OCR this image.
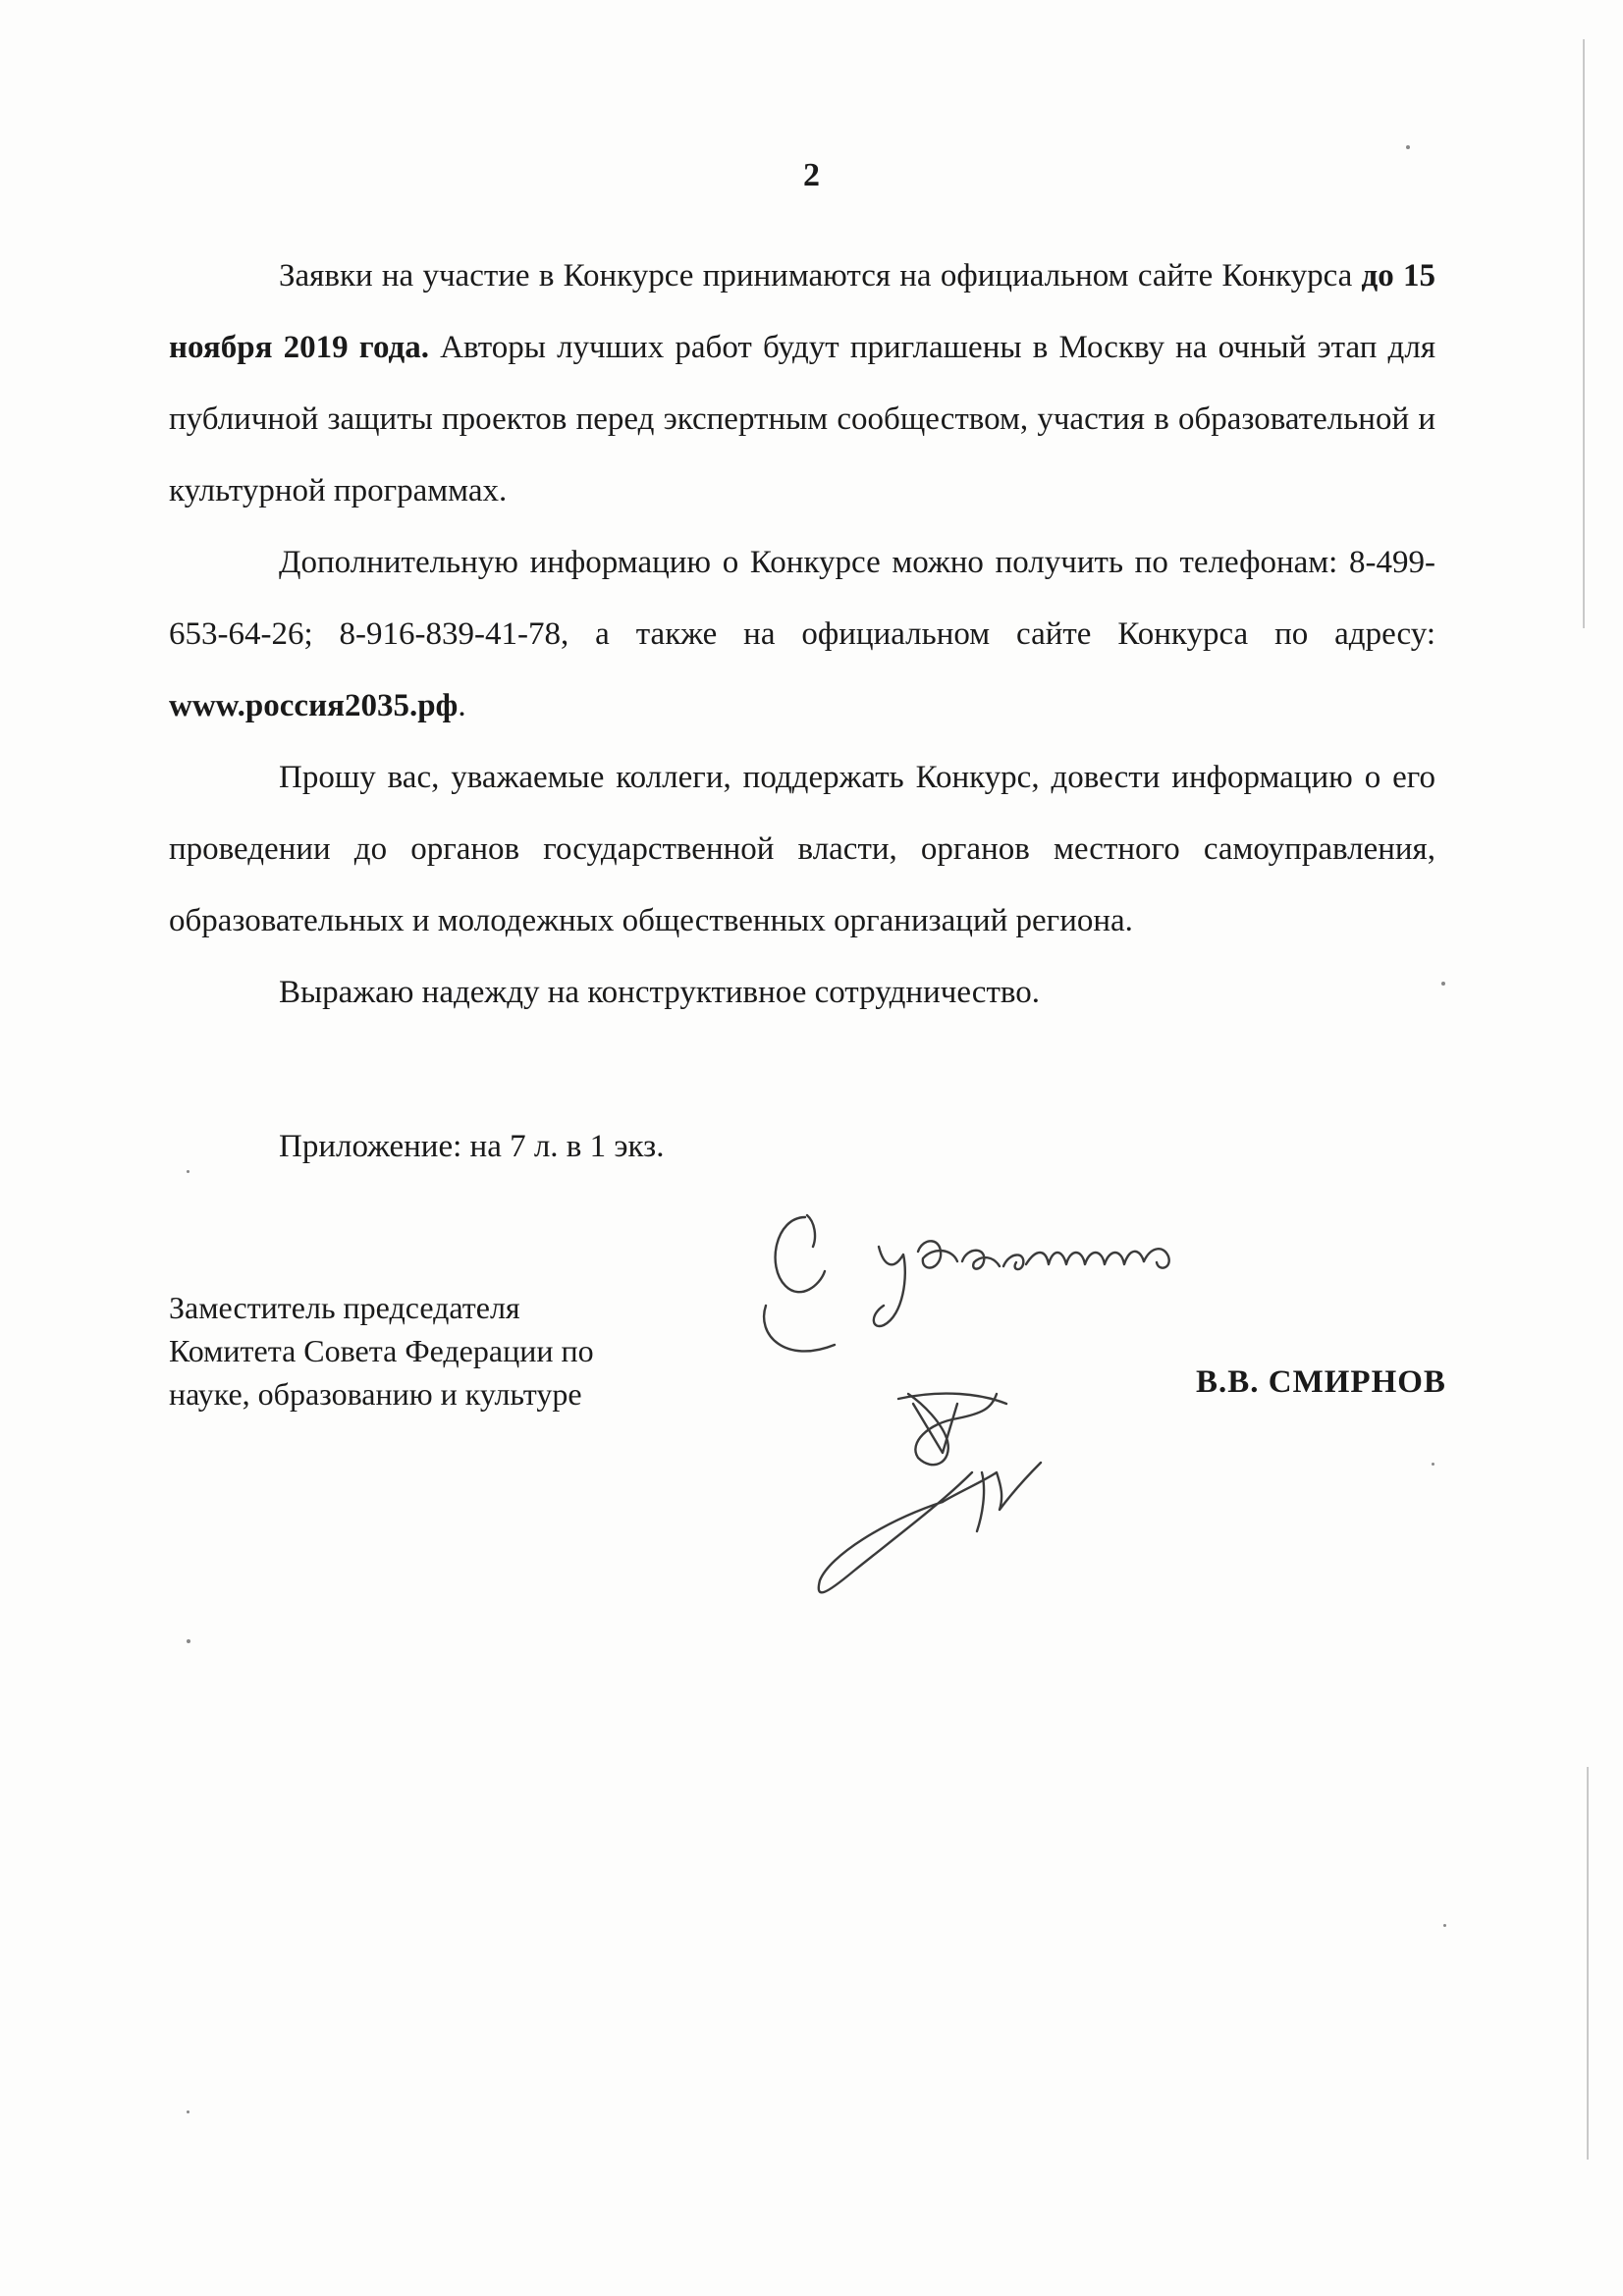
2

Заявки на участие в Конкурсе принимаются на официальном сайте Конкурса до 15 ноября 2019 года. Авторы лучших работ будут приглашены в Москву на очный этап для публичной защиты проектов перед экспертным сообществом, участия в образовательной и культурной программах.

Дополнительную информацию о Конкурсе можно получить по телефонам: 8-499-653-64-26; 8-916-839-41-78, а также на официальном сайте Конкурса по адресу: www.россия2035.рф.

Прошу вас, уважаемые коллеги, поддержать Конкурс, довести информацию о его проведении до органов государственной власти, органов местного самоуправления, образовательных и молодежных общественных организаций региона.

Выражаю надежду на конструктивное сотрудничество.

Приложение: на 7 л. в 1 экз.
Заместитель председателя
Комитета Совета Федерации по
науке, образованию и культуре	В.В. СМИРНОВ
